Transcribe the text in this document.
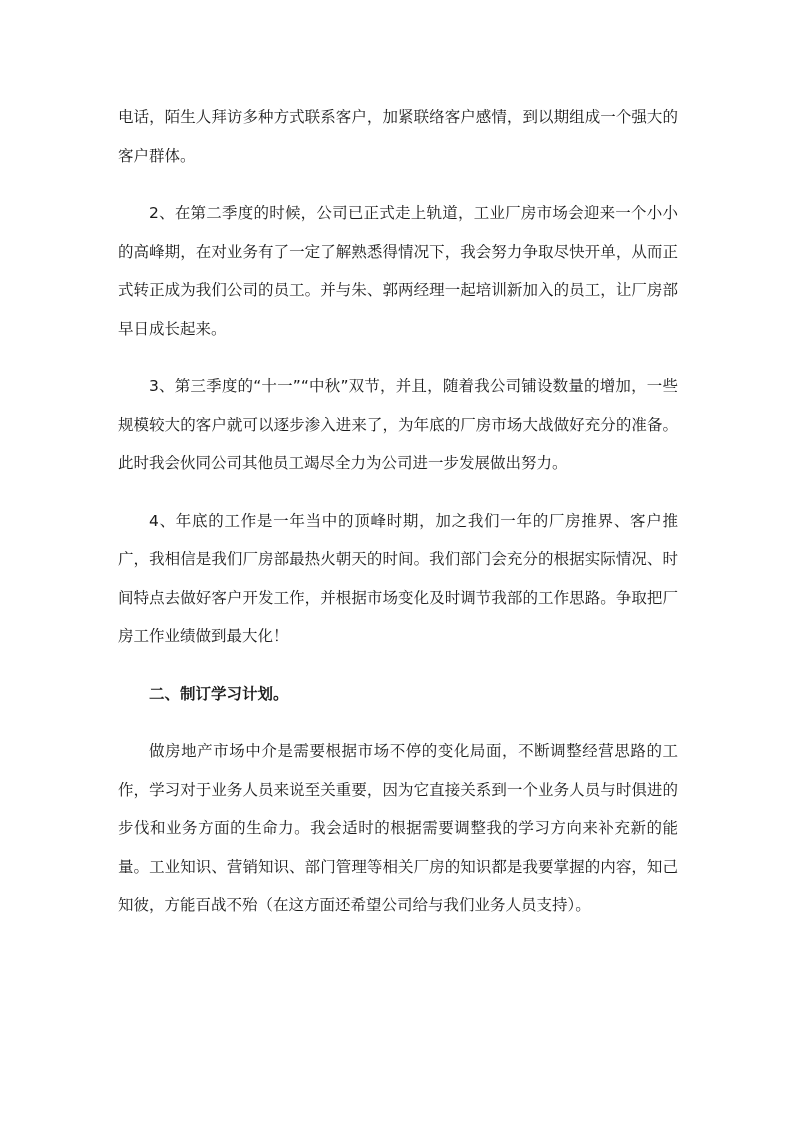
电话，陌生人拜访多种方式联系客户，加紧联络客户感情，到以期组成一个强大的客户群体。

2、在第二季度的时候，公司已正式走上轨道，工业厂房市场会迎来一个小小的高峰期，在对业务有了一定了解熟悉得情况下，我会努力争取尽快开单，从而正式转正成为我们公司的员工。并与朱、郭两经理一起培训新加入的员工，让厂房部早日成长起来。

3、第三季度的“十一”“中秋”双节，并且，随着我公司铺设数量的增加，一些规模较大的客户就可以逐步渗入进来了，为年底的厂房市场大战做好充分的准备。此时我会伙同公司其他员工竭尽全力为公司进一步发展做出努力。

4、年底的工作是一年当中的顶峰时期，加之我们一年的厂房推界、客户推广，我相信是我们厂房部最热火朝天的时间。我们部门会充分的根据实际情况、时间特点去做好客户开发工作，并根据市场变化及时调节我部的工作思路。争取把厂房工作业绩做到最大化！

二、制订学习计划。

做房地产市场中介是需要根据市场不停的变化局面，不断调整经营思路的工作，学习对于业务人员来说至关重要，因为它直接关系到一个业务人员与时俱进的步伐和业务方面的生命力。我会适时的根据需要调整我的学习方向来补充新的能量。工业知识、营销知识、部门管理等相关厂房的知识都是我要掌握的内容，知己知彼，方能百战不殆（在这方面还希望公司给与我们业务人员支持）。
